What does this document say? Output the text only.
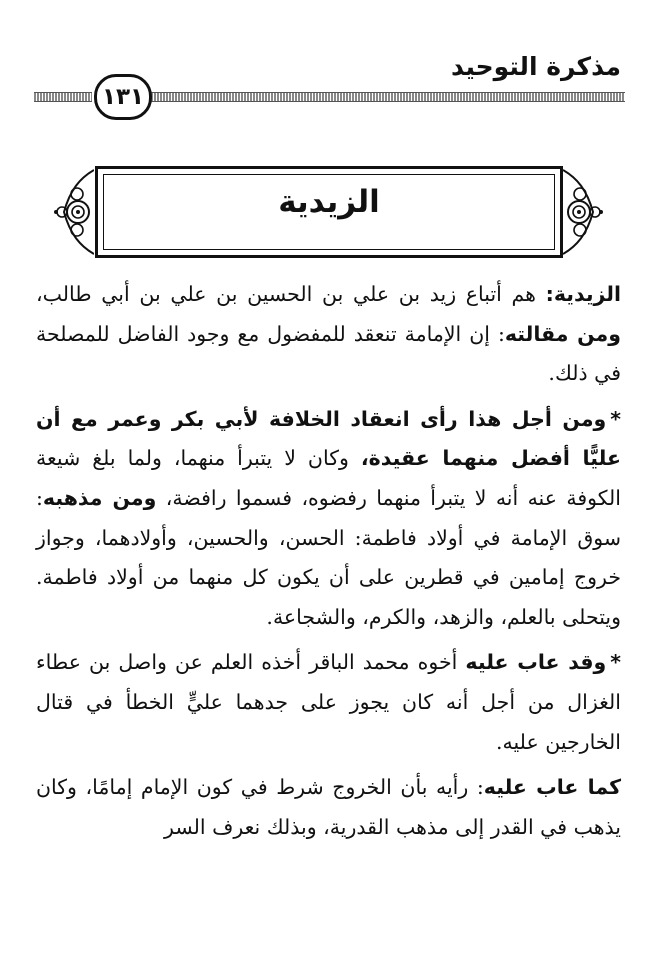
مذكرة التوحيد
١٣١
الزيدية

الزيدية: هم أتباع زيد بن علي بن الحسين بن علي بن أبي طالب، ومن مقالته: إن الإمامة تنعقد للمفضول مع وجود الفاضل للمصلحة في ذلك.

*ومن أجل هذا رأى انعقاد الخلافة لأبي بكر وعمر مع أن عليًّا أفضل منهما عقيدة، وكان لا يتبرأ منهما، ولما بلغ شيعة الكوفة عنه أنه لا يتبرأ منهما رفضوه، فسموا رافضة، ومن مذهبه: سوق الإمامة في أولاد فاطمة: الحسن، والحسين، وأولادهما، وجواز خروج إمامين في قطرين على أن يكون كل منهما من أولاد فاطمة. ويتحلى بالعلم، والزهد، والكرم، والشجاعة.

*وقد عاب عليه أخوه محمد الباقر أخذه العلم عن واصل بن عطاء الغزال من أجل أنه كان يجوز على جدهما عليٍّ الخطأ في قتال الخارجين عليه.

كما عاب عليه: رأيه بأن الخروج شرط في كون الإمام إمامًا، وكان يذهب في القدر إلى مذهب القدرية، وبذلك نعرف السر
